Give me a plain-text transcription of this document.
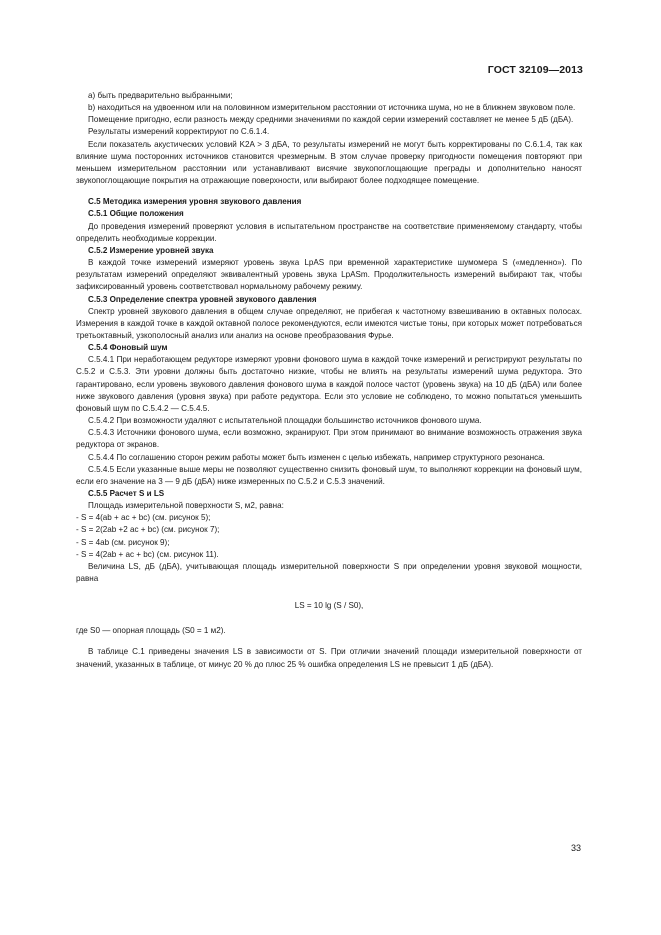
ГОСТ 32109—2013

а) быть предварительно выбранными;

b) находиться на удвоенном или на половинном измерительном расстоянии от источника шума, но не в ближнем звуковом поле.

Помещение пригодно, если разность между средними значениями по каждой серии измерений составляет не менее 5 дБ (дБА).

Результаты измерений корректируют по С.6.1.4.

Если показатель акустических условий K2A > 3 дБА, то результаты измерений не могут быть корректированы по С.6.1.4, так как влияние шума посторонних источников становится чрезмерным. В этом случае проверку пригодности помещения повторяют при меньшем измерительном расстоянии или устанавливают висячие звукопоглощающие преграды и дополнительно наносят звукопоглощающие покрытия на отражающие поверхности, или выбирают более подходящее помещение.

С.5 Методика измерения уровня звукового давления

С.5.1 Общие положения

До проведения измерений проверяют условия в испытательном пространстве на соответствие применяемому стандарту, чтобы определить необходимые коррекции.

С.5.2 Измерение уровней звука

В каждой точке измерений измеряют уровень звука LpAS при временной характеристике шумомера S («медленно»). По результатам измерений определяют эквивалентный уровень звука LpASm. Продолжительность измерений выбирают так, чтобы зафиксированный уровень соответствовал нормальному рабочему режиму.

С.5.3 Определение спектра уровней звукового давления

Спектр уровней звукового давления в общем случае определяют, не прибегая к частотному взвешиванию в октавных полосах. Измерения в каждой точке в каждой октавной полосе рекомендуются, если имеются чистые тоны, при которых может потребоваться третьоктавный, узкополосный анализ или анализ на основе преобразования Фурье.

С.5.4 Фоновый шум

С.5.4.1 При неработающем редукторе измеряют уровни фонового шума в каждой точке измерений и регистрируют результаты по С.5.2 и С.5.3. Эти уровни должны быть достаточно низкие, чтобы не влиять на результаты измерений шума редуктора. Это гарантировано, если уровень звукового давления фонового шума в каждой полосе частот (уровень звука) на 10 дБ (дБА) или более ниже звукового давления (уровня звука) при работе редуктора. Если это условие не соблюдено, то можно попытаться уменьшить фоновый шум по С.5.4.2 — С.5.4.5.

С.5.4.2 При возможности удаляют с испытательной площадки большинство источников фонового шума.

С.5.4.3 Источники фонового шума, если возможно, экранируют. При этом принимают во внимание возможность отражения звука редуктора от экранов.

С.5.4.4 По соглашению сторон режим работы может быть изменен с целью избежать, например структурного резонанса.

С.5.4.5 Если указанные выше меры не позволяют существенно снизить фоновый шум, то выполняют коррекции на фоновый шум, если его значение на 3 — 9 дБ (дБА) ниже измеренных по С.5.2 и С.5.3 значений.

С.5.5 Расчет S и LS

Площадь измерительной поверхности S, м2, равна:

- S = 4(ab + ac + bc) (см. рисунок 5);
- S = 2(2ab +2 ac + bc) (см. рисунок 7);
- S = 4ab (см. рисунок 9);
- S = 4(2ab + ac + bc) (см. рисунок 11).

Величина LS, дБ (дБА), учитывающая площадь измерительной поверхности S при определении уровня звуковой мощности, равна

LS = 10 lg (S / S0),

где S0 — опорная площадь (S0 = 1 м2).

В таблице С.1 приведены значения LS в зависимости от S. При отличии значений площади измерительной поверхности от значений, указанных в таблице, от минус 20 % до плюс 25 % ошибка определения LS не превысит 1 дБ (дБА).

33
